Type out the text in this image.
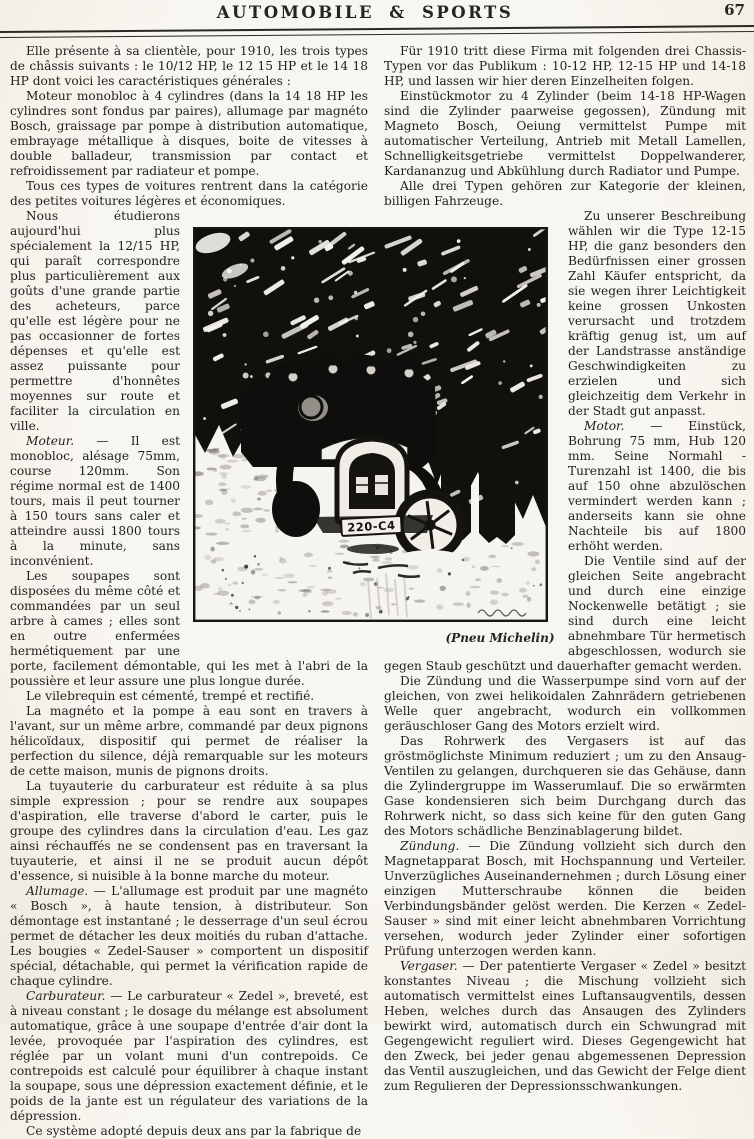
AUTOMOBILE & SPORTS	67

Elle présente à sa clientèle, pour 1910, les trois types de châssis suivants : le 10/12 HP, le 12 15 HP et le 14 18 HP dont voici les caractéristiques générales :

Moteur monobloc à 4 cylindres (dans la 14 18 HP les cylindres sont fondus par paires), allumage par magnéto Bosch, graissage par pompe à distribution automatique, embrayage métallique à disques, boite de vitesses à double balladeur, transmission par contact et refroidissement par radiateur et pompe.

Tous ces types de voitures rentrent dans la catégorie des petites voitures légères et économiques.

Nous étudierons aujourd'hui plus spécialement la 12/15 HP, qui paraît correspondre plus particulièrement aux goûts d'une grande partie des acheteurs, parce qu'elle est légère pour ne pas occasionner de fortes dépenses et qu'elle est assez puissante pour permettre d'honnêtes moyennes sur route et faciliter la circulation en ville.

Moteur. — Il est monobloc, alésage 75mm, course 120mm. Son régime normal est de 1400 tours, mais il peut tourner à 150 tours sans caler et atteindre aussi 1800 tours à la minute, sans inconvénient.

Les soupapes sont disposées du même côté et commandées par un seul arbre à cames ; elles sont en outre enfermées hermétiquement par une porte, facilement démontable, qui les met à l'abri de la poussière et leur assure une plus longue durée.

Le vilebrequin est cémenté, trempé et rectifié.

La magnéto et la pompe à eau sont en travers à l'avant, sur un même arbre, commandé par deux pignons hélicoïdaux, dispositif qui permet de réaliser la perfection du silence, déjà remarquable sur les moteurs de cette maison, munis de pignons droits.

La tuyauterie du carburateur est réduite à sa plus simple expression ; pour se rendre aux soupapes d'aspiration, elle traverse d'abord le carter, puis le groupe des cylindres dans la circulation d'eau. Les gaz ainsi réchauffés ne se condensent pas en traversant la tuyauterie, et ainsi il ne se produit aucun dépôt d'essence, si nuisible à la bonne marche du moteur.

Allumage. — L'allumage est produit par une magnéto « Bosch », à haute tension, à distributeur. Son démontage est instantané ; le desserrage d'un seul écrou permet de détacher les deux moitiés du ruban d'attache. Les bougies « Zedel-Sauser » comportent un dispositif spécial, détachable, qui permet la vérification rapide de chaque cylindre.

Carburateur. — Le carburateur « Zedel », breveté, est à niveau constant ; le dosage du mélange est absolument automatique, grâce à une soupape d'entrée d'air dont la levée, provoquée par l'aspiration des cylindres, est réglée par un volant muni d'un contrepoids. Ce contrepoids est calculé pour équilibrer à chaque instant la soupape, sous une dépression exactement définie, et le poids de la jante est un régulateur des variations de la dépression.

Ce système adopté depuis deux ans par la fabrique de

Für 1910 tritt diese Firma mit folgenden drei Chassis-Typen vor das Publikum : 10-12 HP, 12-15 HP und 14-18 HP, und lassen wir hier deren Einzelheiten folgen.

Einstückmotor zu 4 Zylinder (beim 14-18 HP-Wagen sind die Zylinder paarweise gegossen), Zündung mit Magneto Bosch, Oeiung vermittelst Pumpe mit automatischer Verteilung, Antrieb mit Metall Lamellen, Schnelligkeitsgetriebe vermittelst Doppelwanderer, Kardananzug und Abkühlung durch Radiator und Pumpe.

Alle drei Typen gehören zur Kategorie der kleinen, billigen Fahrzeuge.

Zu unserer Beschreibung wählen wir die Type 12-15 HP, die ganz besonders den Bedürfnissen einer grossen Zahl Käufer entspricht, da sie wegen ihrer Leichtigkeit keine grossen Unkosten verursacht und trotzdem kräftig genug ist, um auf der Landstrasse anständige Geschwindigkeiten zu erzielen und sich gleichzeitig dem Verkehr in der Stadt gut anpasst.

Motor. — Einstück, Bohrung 75 mm, Hub 120 mm. Seine Normahl - Turenzahl ist 1400, die bis auf 150 ohne abzulöschen vermindert werden kann ; anderseits kann sie ohne Nachteile bis auf 1800 erhöht werden.

Die Ventile sind auf der gleichen Seite angebracht und durch eine einzige Nockenwelle betätigt ; sie sind durch eine leicht abnehmbare Tür hermetisch abgeschlossen, wodurch sie gegen Staub geschützt und dauerhafter gemacht werden.

Die Zündung und die Wasserpumpe sind vorn auf der gleichen, von zwei helikoidalen Zahnrädern getriebenen Welle quer angebracht, wodurch ein vollkommen geräuschloser Gang des Motors erzielt wird.

Das Rohrwerk des Vergasers ist auf das gröstmöglichste Minimum reduziert ; um zu den Ansaug-Ventilen zu gelangen, durchqueren sie das Gehäuse, dann die Zylindergruppe im Wasserumlauf. Die so erwärmten Gase kondensieren sich beim Durchgang durch das Rohrwerk nicht, so dass sich keine für den guten Gang des Motors schädliche Benzinablagerung bildet.

Zündung. — Die Zündung vollzieht sich durch den Magnetapparat Bosch, mit Hochspannung und Verteiler. Unverzügliches Auseinandernehmen ; durch Lösung einer einzigen Mutterschraube können die beiden Verbindungsbänder gelöst werden. Die Kerzen « Zedel-Sauser » sind mit einer leicht abnehmbaren Vorrichtung versehen, wodurch jeder Zylinder einer sofortigen Prüfung unterzogen werden kann.

Vergaser. — Der patentierte Vergaser « Zedel » besitzt konstantes Niveau ; die Mischung vollzieht sich automatisch vermittelst eines Luftansaugventils, dessen Heben, welches durch das Ansaugen des Zylinders bewirkt wird, automatisch durch ein Schwungrad mit Gegengewicht reguliert wird. Dieses Gegengewicht hat den Zweck, bei jeder genau abgemessenen Depression das Ventil auszugleichen, und das Gewicht der Felge dient zum Regulieren der Depressionsschwankungen.

220-C4
(Pneu Michelin)
